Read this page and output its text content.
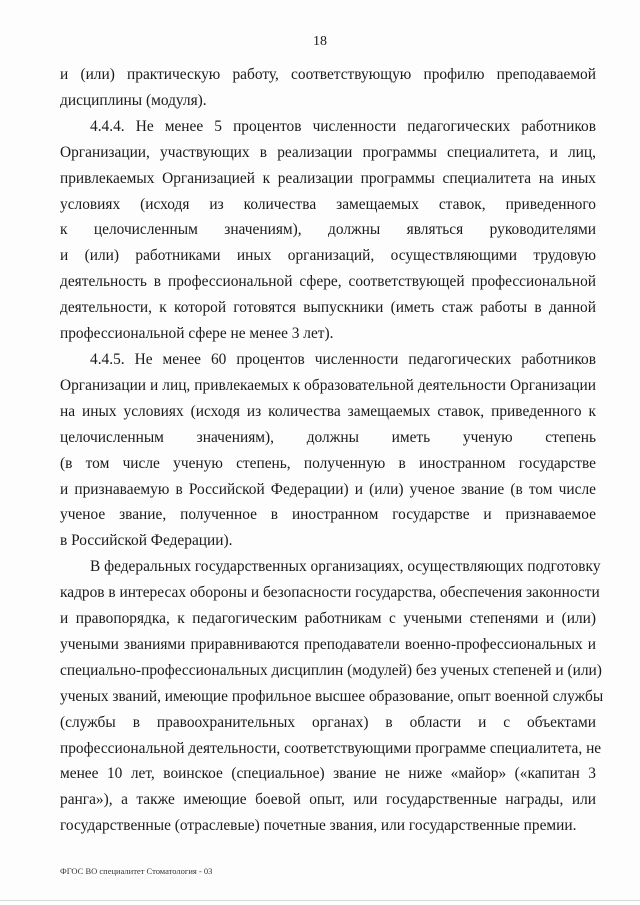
18
и (или) практическую работу, соответствующую профилю преподаваемой
дисциплины (модуля).
4.4.4. Не менее 5 процентов численности педагогических работников
Организации, участвующих в реализации программы специалитета, и лиц,
привлекаемых Организацией к реализации программы специалитета на иных
условиях (исходя из количества замещаемых ставок, приведенного
к целочисленным значениям), должны являться руководителями
и (или) работниками иных организаций, осуществляющими трудовую
деятельность в профессиональной сфере, соответствующей профессиональной
деятельности, к которой готовятся выпускники (иметь стаж работы в данной
профессиональной сфере не менее 3 лет).
4.4.5. Не менее 60 процентов численности педагогических работников
Организации и лиц, привлекаемых к образовательной деятельности Организации
на иных условиях (исходя из количества замещаемых ставок, приведенного к
целочисленным значениям), должны иметь ученую степень
(в том числе ученую степень, полученную в иностранном государстве
и признаваемую в Российской Федерации) и (или) ученое звание (в том числе
ученое звание, полученное в иностранном государстве и признаваемое
в Российской Федерации).
В федеральных государственных организациях, осуществляющих подготовку
кадров в интересах обороны и безопасности государства, обеспечения законности
и правопорядка, к педагогическим работникам с учеными степенями и (или)
учеными званиями приравниваются преподаватели военно-профессиональных и
специально-профессиональных дисциплин (модулей) без ученых степеней и (или)
ученых званий, имеющие профильное высшее образование, опыт военной службы
(службы в правоохранительных органах) в области и с объектами
профессиональной деятельности, соответствующими программе специалитета, не
менее 10 лет, воинское (специальное) звание не ниже «майор» («капитан 3
ранга»), а также имеющие боевой опыт, или государственные награды, или
государственные (отраслевые) почетные звания, или государственные премии.
ФГОС ВО специалитет Стоматология - 03
